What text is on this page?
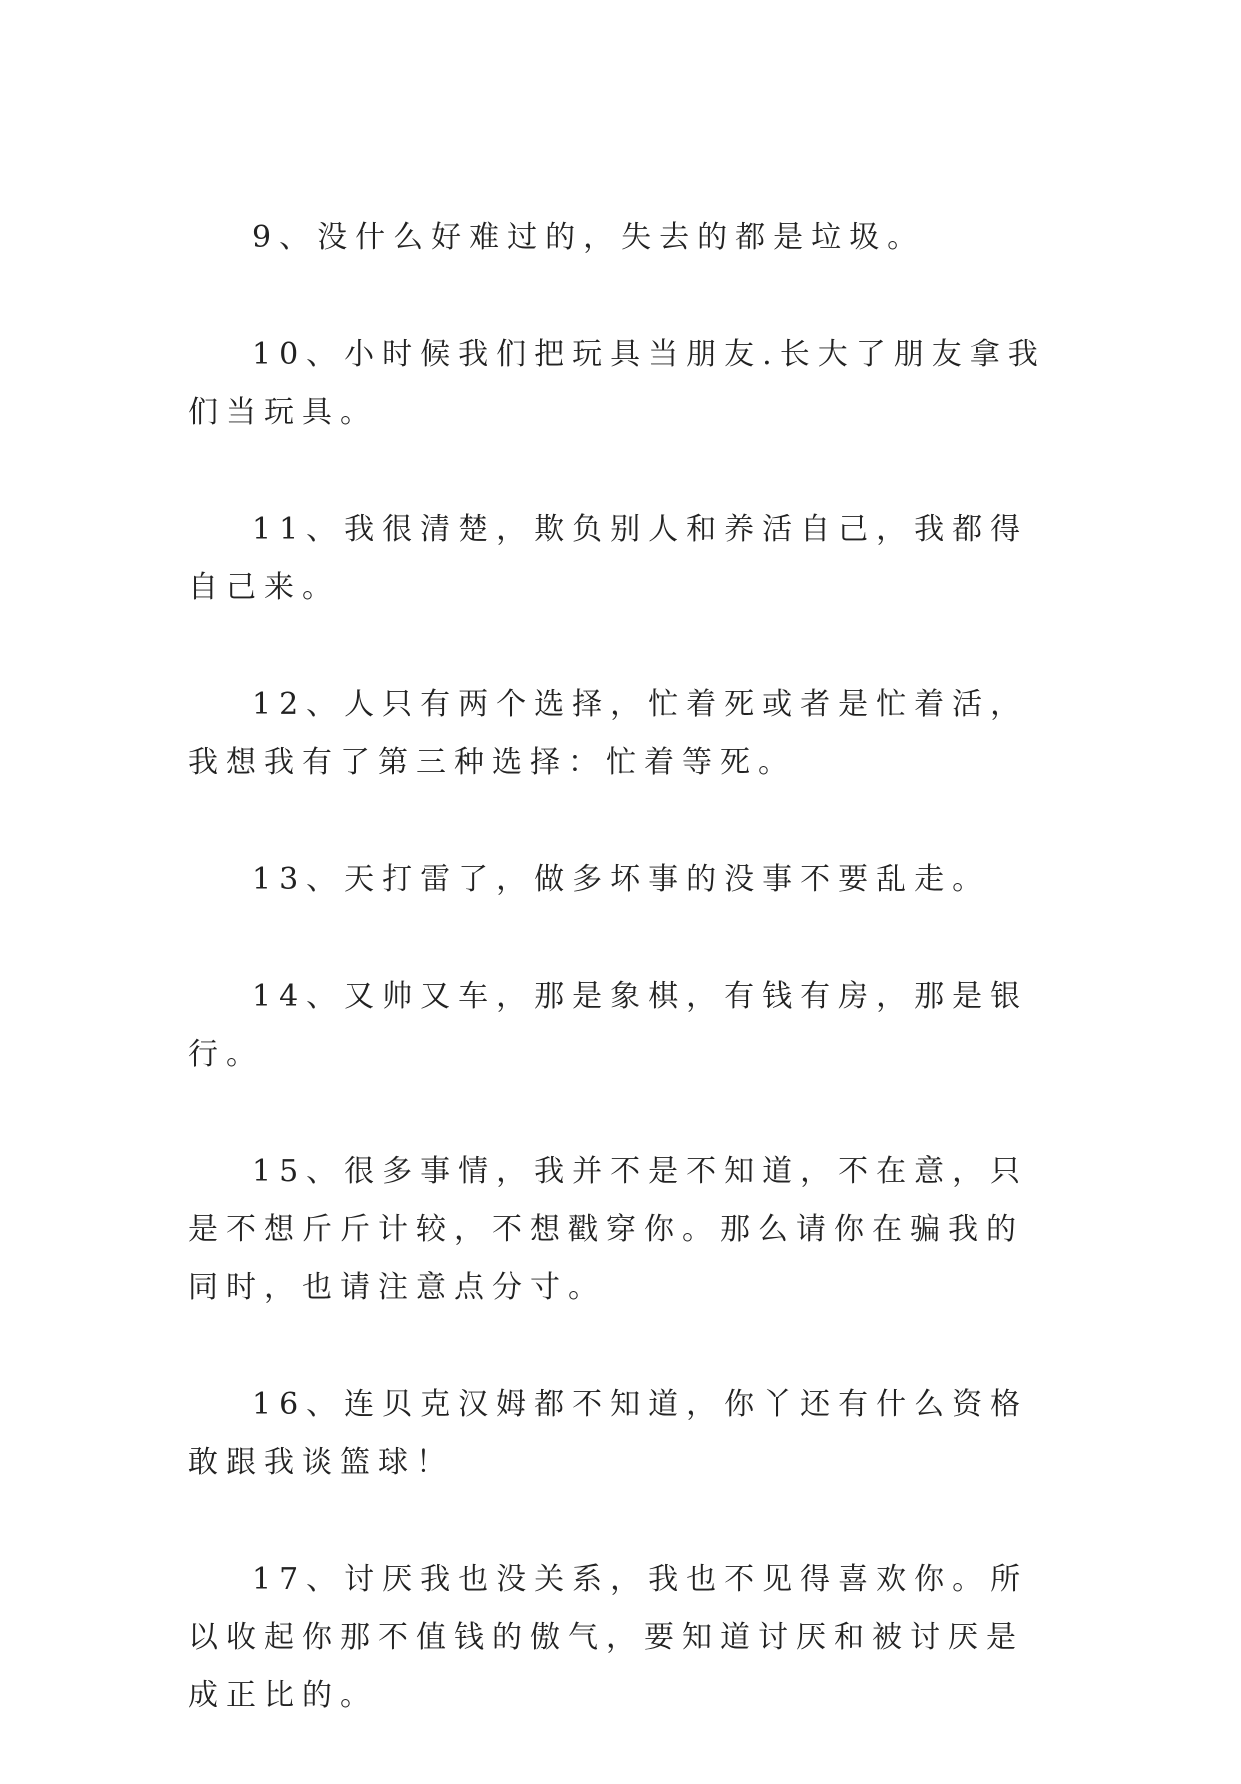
9、没什么好难过的，失去的都是垃圾。

10、小时候我们把玩具当朋友.长大了朋友拿我们当玩具。

11、我很清楚，欺负别人和养活自己，我都得自己来。

12、人只有两个选择，忙着死或者是忙着活，我想我有了第三种选择：忙着等死。

13、天打雷了，做多坏事的没事不要乱走。

14、又帅又车，那是象棋，有钱有房，那是银行。

15、很多事情，我并不是不知道，不在意，只是不想斤斤计较，不想戳穿你。那么请你在骗我的同时，也请注意点分寸。

16、连贝克汉姆都不知道，你丫还有什么资格敢跟我谈篮球！

17、讨厌我也没关系，我也不见得喜欢你。所以收起你那不值钱的傲气，要知道讨厌和被讨厌是成正比的。
